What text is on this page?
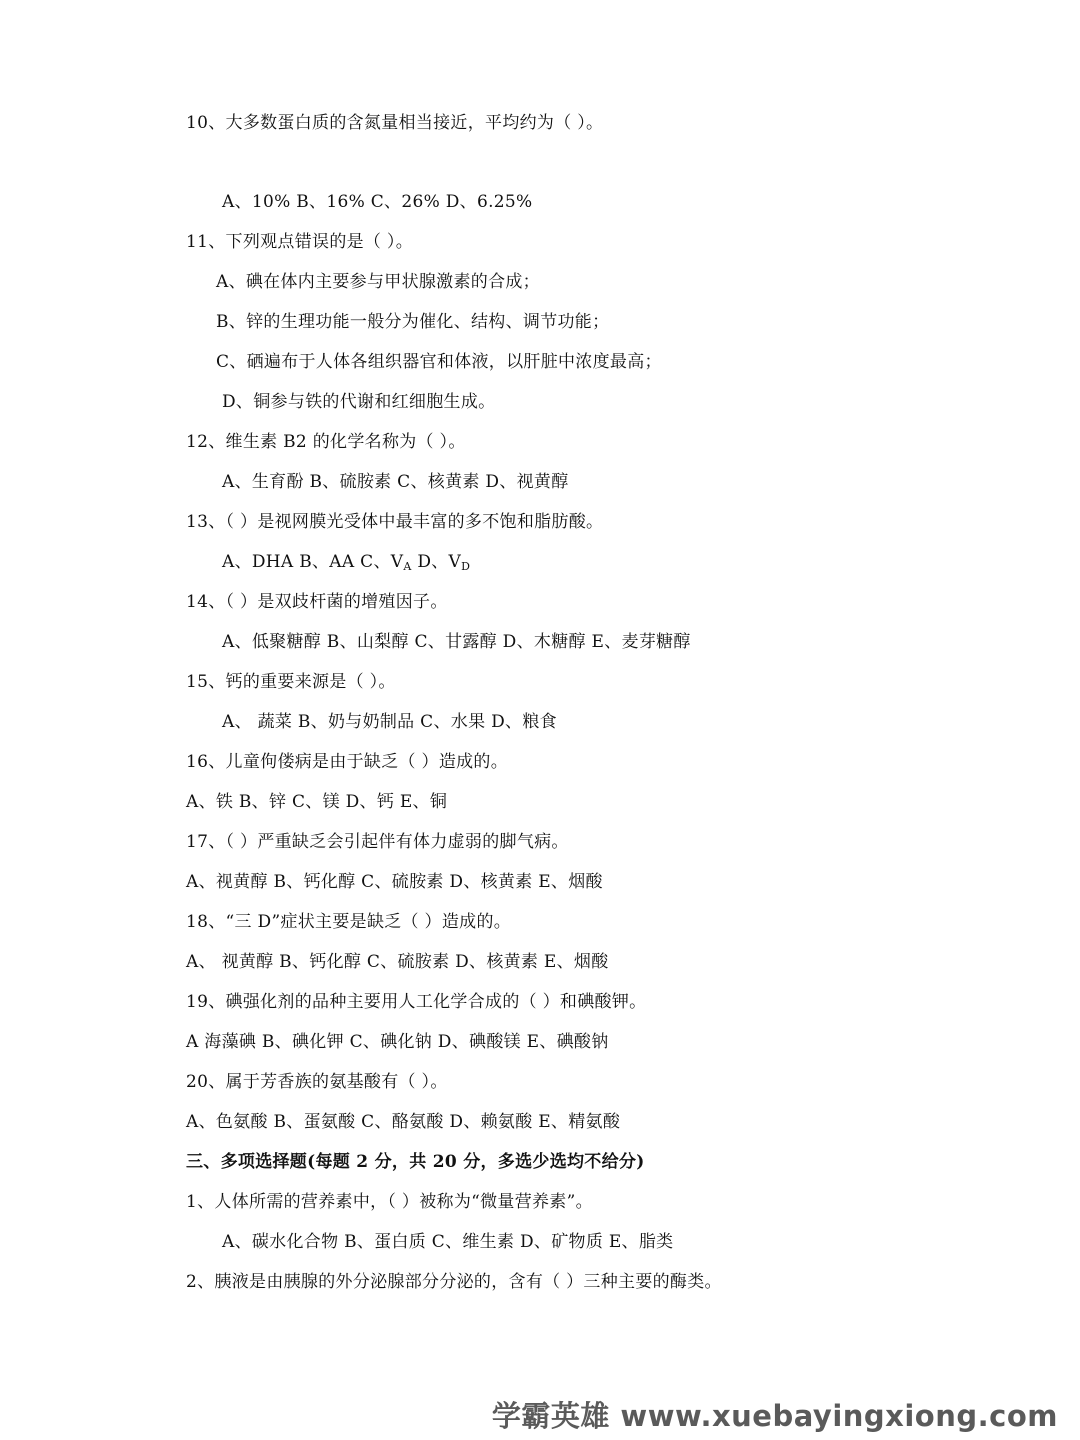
10、大多数蛋白质的含氮量相当接近，平均约为（ ）。
A、10% B、16% C、26% D、6.25%
11、下列观点错误的是（ ）。
A、碘在体内主要参与甲状腺激素的合成；
B、锌的生理功能一般分为催化、结构、调节功能；
C、硒遍布于人体各组织器官和体液，以肝脏中浓度最高；
D、铜参与铁的代谢和红细胞生成。
12、维生素 B2 的化学名称为（ ）。
A、生育酚 B、硫胺素 C、核黄素 D、视黄醇
13、（ ）是视网膜光受体中最丰富的多不饱和脂肪酸。
A、DHA B、AA C、$V_A$ D、$V_D$
14、（ ）是双歧杆菌的增殖因子。
A、低聚糖醇 B、山梨醇 C、甘露醇 D、木糖醇 E、麦芽糖醇
15、钙的重要来源是（ ）。
A、 蔬菜 B、奶与奶制品 C、水果 D、粮食
16、儿童佝偻病是由于缺乏（ ）造成的。
A、铁 B、锌 C、镁 D、钙 E、铜
17、（ ）严重缺乏会引起伴有体力虚弱的脚气病。
A、视黄醇 B、钙化醇 C、硫胺素 D、核黄素 E、烟酸
18、“三 D”症状主要是缺乏（ ）造成的。
A、 视黄醇 B、钙化醇 C、硫胺素 D、核黄素 E、烟酸
19、碘强化剂的品种主要用人工化学合成的（ ）和碘酸钾。
A 海藻碘 B、碘化钾 C、碘化钠 D、碘酸镁 E、碘酸钠
20、属于芳香族的氨基酸有（ ）。
A、色氨酸 B、蛋氨酸 C、酪氨酸 D、赖氨酸 E、精氨酸
三、多项选择题(每题 2 分，共 20 分，多选少选均不给分)
1、人体所需的营养素中，（ ）被称为“微量营养素”。
A、碳水化合物 B、蛋白质 C、维生素 D、矿物质 E、脂类
2、胰液是由胰腺的外分泌腺部分分泌的，含有（ ）三种主要的酶类。
学霸英雄 www.xuebayingxiong.com
